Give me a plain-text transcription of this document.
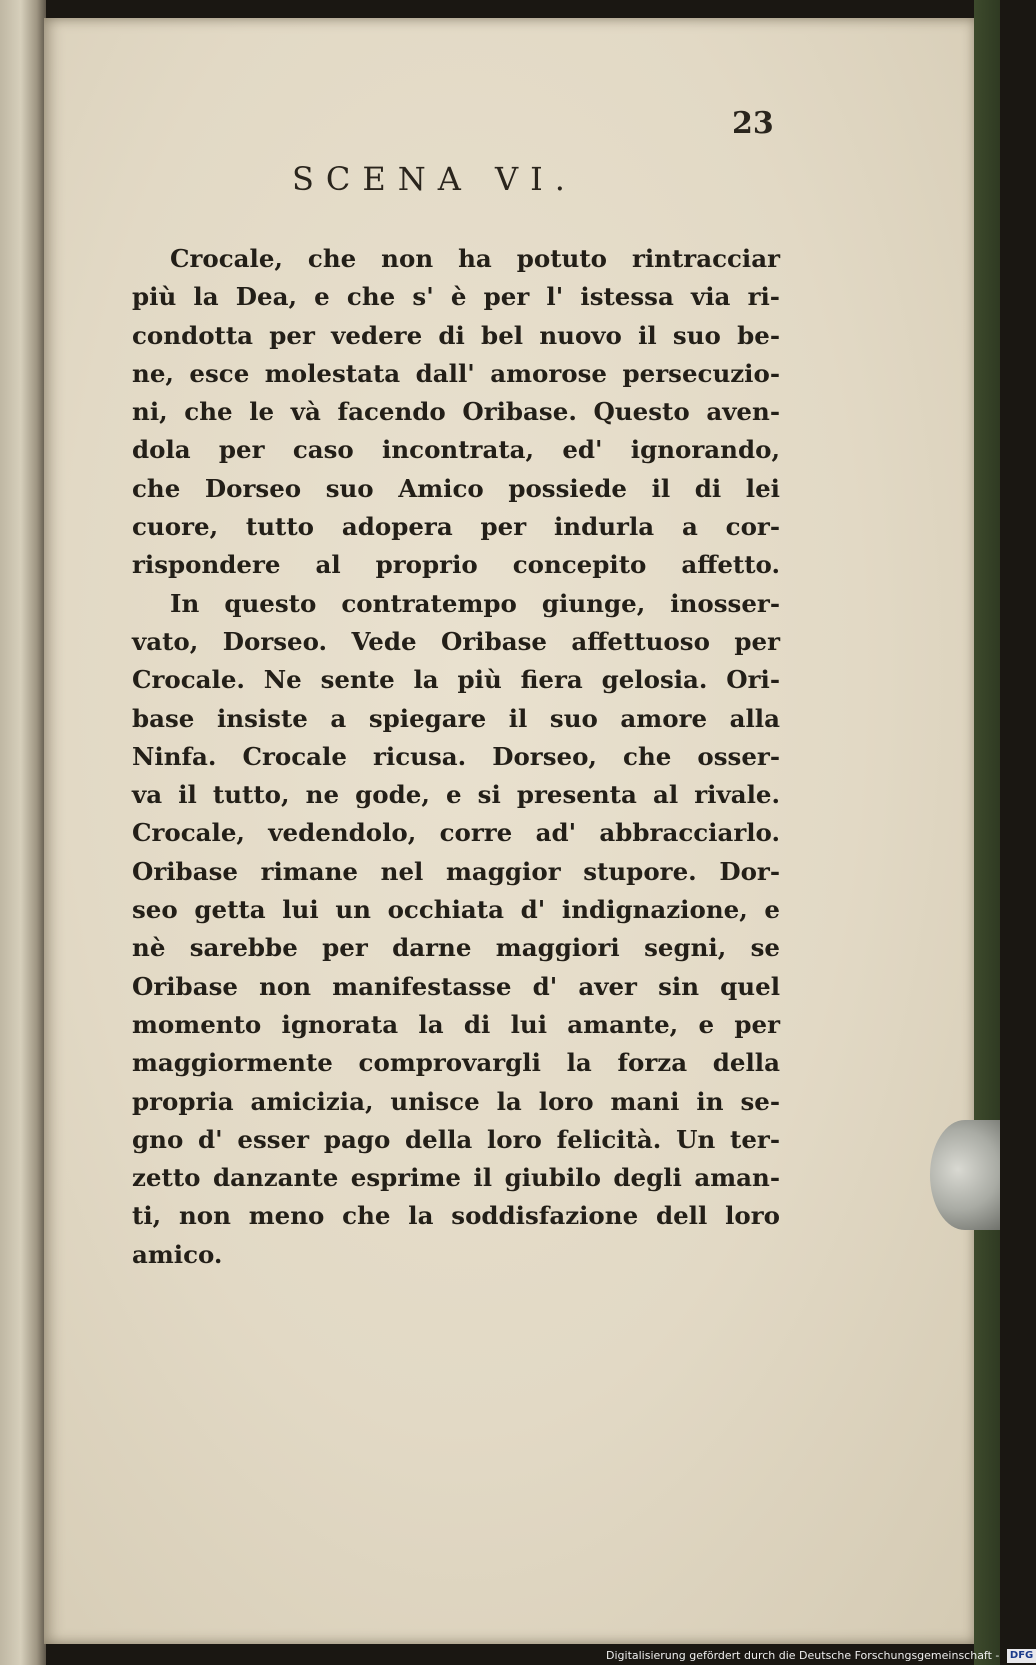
23
SCENA VI.
Crocale, che non ha potuto rintracciar
più la Dea, e che s' è per l' istessa via ri-
condotta per vedere di bel nuovo il suo be-
ne, esce molestata dall' amorose persecuzio-
ni, che le và facendo Oribase. Questo aven-
dola per caso incontrata, ed' ignorando,
che Dorseo suo Amico possiede il di lei
cuore, tutto adopera per indurla a cor-
rispondere al proprio concepito affetto.
In questo contratempo giunge, inosser-
vato, Dorseo. Vede Oribase affettuoso per
Crocale. Ne sente la più fiera gelosia. Ori-
base insiste a spiegare il suo amore alla
Ninfa. Crocale ricusa. Dorseo, che osser-
va il tutto, ne gode, e si presenta al rivale.
Crocale, vedendolo, corre ad' abbracciarlo.
Oribase rimane nel maggior stupore. Dor-
seo getta lui un occhiata d' indignazione, e
nè sarebbe per darne maggiori segni, se
Oribase non manifestasse d' aver sin quel
momento ignorata la di lui amante, e per
maggiormente comprovargli la forza della
propria amicizia, unisce la loro mani in se-
gno d' esser pago della loro felicità. Un ter-
zetto danzante esprime il giubilo degli aman-
ti, non meno che la soddisfazione dell loro
amico.
Digitalisierung gefördert durch die Deutsche Forschungsgemeinschaft - DFG
